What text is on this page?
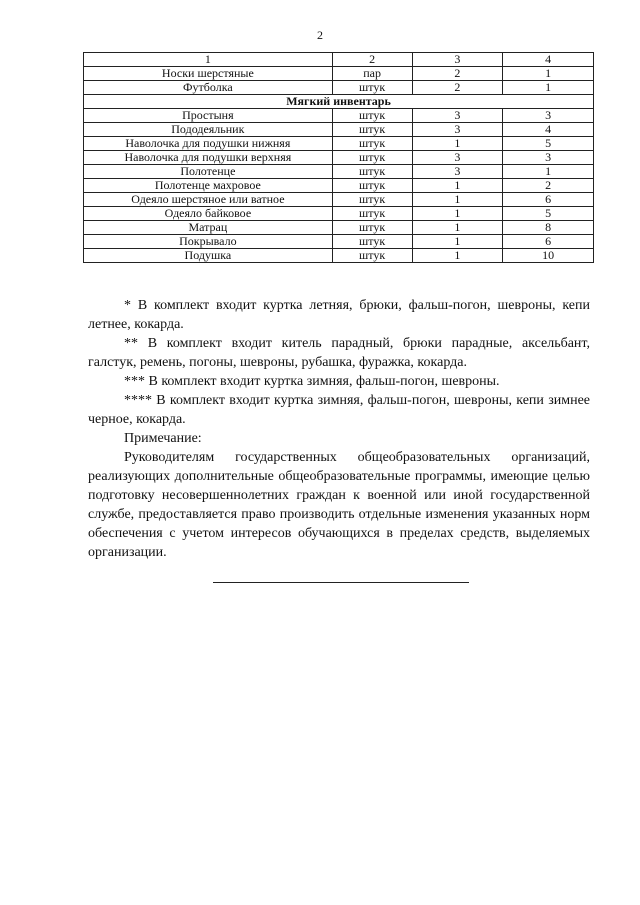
2
1	2	3	4
Носки шерстяные	пар	2	1
Футболка	штук	2	1
Мягкий инвентарь			
Простыня	штук	3	3
Пододеяльник	штук	3	4
Наволочка для подушки нижняя	штук	1	5
Наволочка для подушки верхняя	штук	3	3
Полотенце	штук	3	1
Полотенце махровое	штук	1	2
Одеяло шерстяное или ватное	штук	1	6
Одеяло байковое	штук	1	5
Матрац	штук	1	8
Покрывало	штук	1	6
Подушка	штук	1	10

* В комплект входит куртка летняя, брюки, фальш-погон, шевроны, кепи летнее, кокарда.

** В комплект входит китель парадный, брюки парадные, аксельбант, галстук, ремень, погоны, шевроны, рубашка, фуражка, кокарда.

*** В комплект входит куртка зимняя, фальш-погон, шевроны.

**** В комплект входит куртка зимняя, фальш-погон, шевроны, кепи зимнее черное, кокарда.

Примечание:

Руководителям государственных общеобразовательных организаций, реализующих дополнительные общеобразовательные программы, имеющие целью подготовку несовершеннолетних граждан к военной или иной государственной службе, предоставляется право производить отдельные изменения указанных норм обеспечения с учетом интересов обучающихся в пределах средств, выделяемых организации.
